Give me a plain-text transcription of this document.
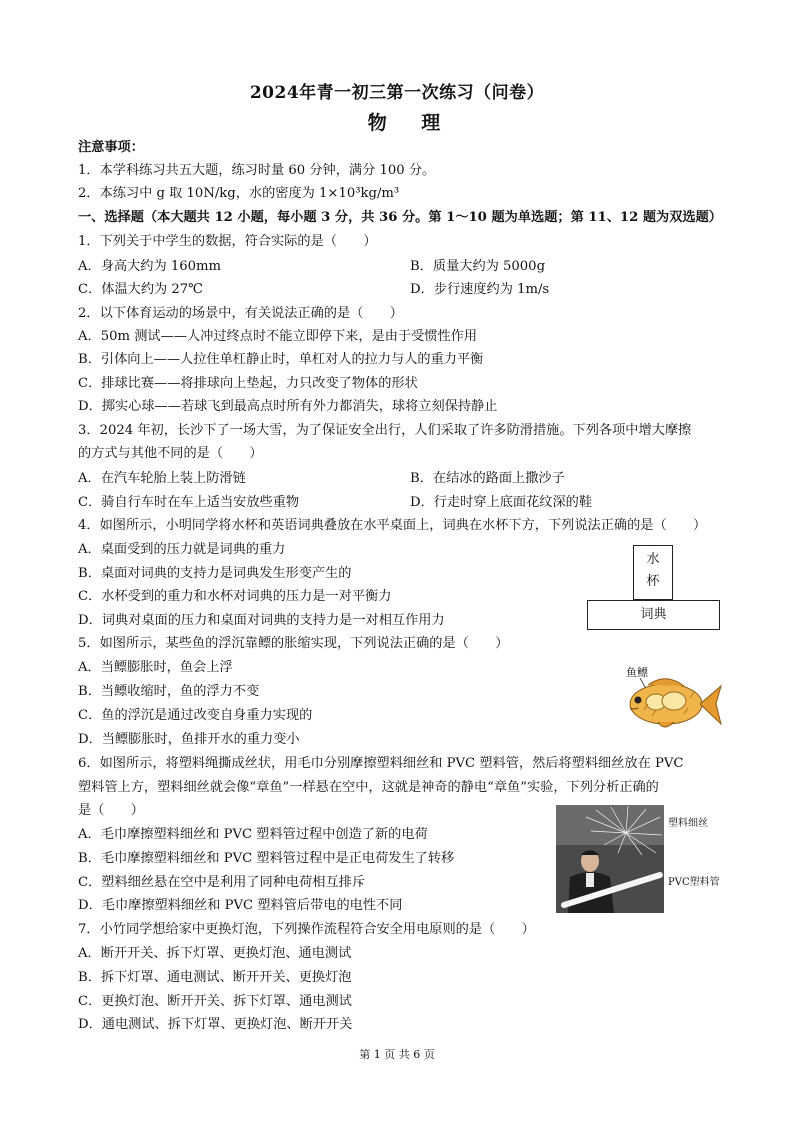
2024年青一初三第一次练习（问卷）
物 理
注意事项：
1．本学科练习共五大题，练习时量 60 分钟，满分 100 分。
2．本练习中 g 取 10N/kg，水的密度为 1×10³kg/m³
一、选择题（本大题共 12 小题，每小题 3 分，共 36 分。第 1～10 题为单选题；第 11、12 题为双选题）
1．下列关于中学生的数据，符合实际的是（　　）
A．身高大约为 160mm	B．质量大约为 5000g
C．体温大约为 27℃	D．步行速度约为 1m/s
2．以下体育运动的场景中，有关说法正确的是（　　）
A．50m 测试——人冲过终点时不能立即停下来，是由于受惯性作用
B．引体向上——人拉住单杠静止时，单杠对人的拉力与人的重力平衡
C．排球比赛——将排球向上垫起，力只改变了物体的形状
D．掷实心球——若球飞到最高点时所有外力都消失，球将立刻保持静止
3．2024 年初，长沙下了一场大雪，为了保证安全出行，人们采取了许多防滑措施。下列各项中增大摩擦
的方式与其他不同的是（　　）
A．在汽车轮胎上装上防滑链	B．在结冰的路面上撒沙子
C．骑自行车时在车上适当安放些重物	D．行走时穿上底面花纹深的鞋
4．如图所示，小明同学将水杯和英语词典叠放在水平桌面上，词典在水杯下方，下列说法正确的是（　　）
A．桌面受到的压力就是词典的重力
B．桌面对词典的支持力是词典发生形变产生的
C．水杯受到的重力和水杯对词典的压力是一对平衡力
D．词典对桌面的压力和桌面对词典的支持力是一对相互作用力
水
杯
词典
5．如图所示，某些鱼的浮沉靠鳔的胀缩实现，下列说法正确的是（　　）
A．当鳔膨胀时，鱼会上浮
B．当鳔收缩时，鱼的浮力不变
C．鱼的浮沉是通过改变自身重力实现的
D．当鳔膨胀时，鱼排开水的重力变小
鱼鳔
6．如图所示，将塑料绳撕成丝状，用毛巾分别摩擦塑料细丝和 PVC 塑料管，然后将塑料细丝放在 PVC
塑料管上方，塑料细丝就会像“章鱼”一样悬在空中，这就是神奇的静电“章鱼”实验，下列分析正确的
是（　　）
A．毛巾摩擦塑料细丝和 PVC 塑料管过程中创造了新的电荷
B．毛巾摩擦塑料细丝和 PVC 塑料管过程中是正电荷发生了转移
C．塑料细丝悬在空中是利用了同种电荷相互排斥
D．毛巾摩擦塑料细丝和 PVC 塑料管后带电的电性不同
塑料细丝
PVC塑料管
7．小竹同学想给家中更换灯泡，下列操作流程符合安全用电原则的是（　　）
A．断开开关、拆下灯罩、更换灯泡、通电测试
B．拆下灯罩、通电测试、断开开关、更换灯泡
C．更换灯泡、断开开关、拆下灯罩、通电测试
D．通电测试、拆下灯罩、更换灯泡、断开开关
第 1 页 共 6 页
